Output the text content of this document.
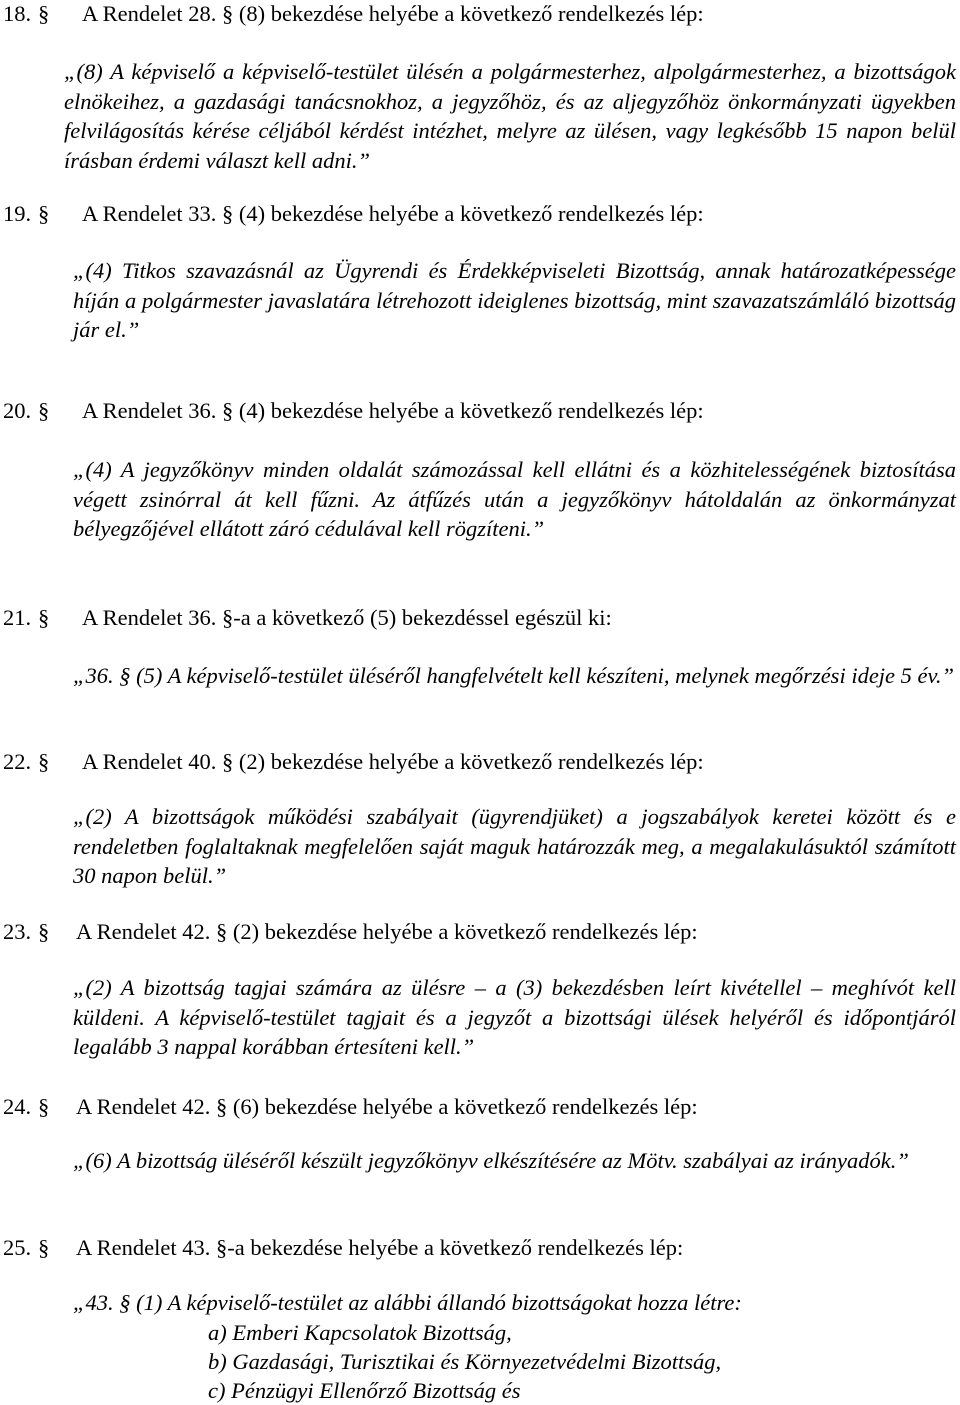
18. § A Rendelet 28. § (8) bekezdése helyébe a következő rendelkezés lép:
„(8) A képviselő a képviselő-testület ülésén a polgármesterhez, alpolgármesterhez, a bizottságok elnökeihez, a gazdasági tanácsnokhoz, a jegyzőhöz, és az aljegyzőhöz önkormányzati ügyekben felvilágosítás kérése céljából kérdést intézhet, melyre az ülésen, vagy legkésőbb 15 napon belül írásban érdemi választ kell adni.”
19. § A Rendelet 33. § (4) bekezdése helyébe a következő rendelkezés lép:
„(4) Titkos szavazásnál az Ügyrendi és Érdekképviseleti Bizottság, annak határozatképessége híján a polgármester javaslatára létrehozott ideiglenes bizottság, mint szavazatszámláló bizottság jár el.”
20. § A Rendelet 36. § (4) bekezdése helyébe a következő rendelkezés lép:
„(4) A jegyzőkönyv minden oldalát számozással kell ellátni és a közhitelességének biztosítása végett zsinórral át kell fűzni. Az átfűzés után a jegyzőkönyv hátoldalán az önkormányzat bélyegzőjével ellátott záró cédulával kell rögzíteni.”
21. § A Rendelet 36. §-a a következő (5) bekezdéssel egészül ki:
„36. § (5) A képviselő-testület üléséről hangfelvételt kell készíteni, melynek megőrzési ideje 5 év.”
22. § A Rendelet 40. § (2) bekezdése helyébe a következő rendelkezés lép:
„(2) A bizottságok működési szabályait (ügyrendjüket) a jogszabályok keretei között és e rendeletben foglaltaknak megfelelően saját maguk határozzák meg, a megalakulásuktól számított 30 napon belül.”
23. § A Rendelet 42. § (2) bekezdése helyébe a következő rendelkezés lép:
„(2) A bizottság tagjai számára az ülésre – a (3) bekezdésben leírt kivétellel – meghívót kell küldeni. A képviselő-testület tagjait és a jegyzőt a bizottsági ülések helyéről és időpontjáról legalább 3 nappal korábban értesíteni kell.”
24. § A Rendelet 42. § (6) bekezdése helyébe a következő rendelkezés lép:
„(6) A bizottság üléséről készült jegyzőkönyv elkészítésére az Mötv. szabályai az irányadók.”
25. § A Rendelet 43. §-a bekezdése helyébe a következő rendelkezés lép:
„43. § (1) A képviselő-testület az alábbi állandó bizottságokat hozza létre:
a) Emberi Kapcsolatok Bizottság,
b) Gazdasági, Turisztikai és Környezetvédelmi Bizottság,
c) Pénzügyi Ellenőrző Bizottság és
